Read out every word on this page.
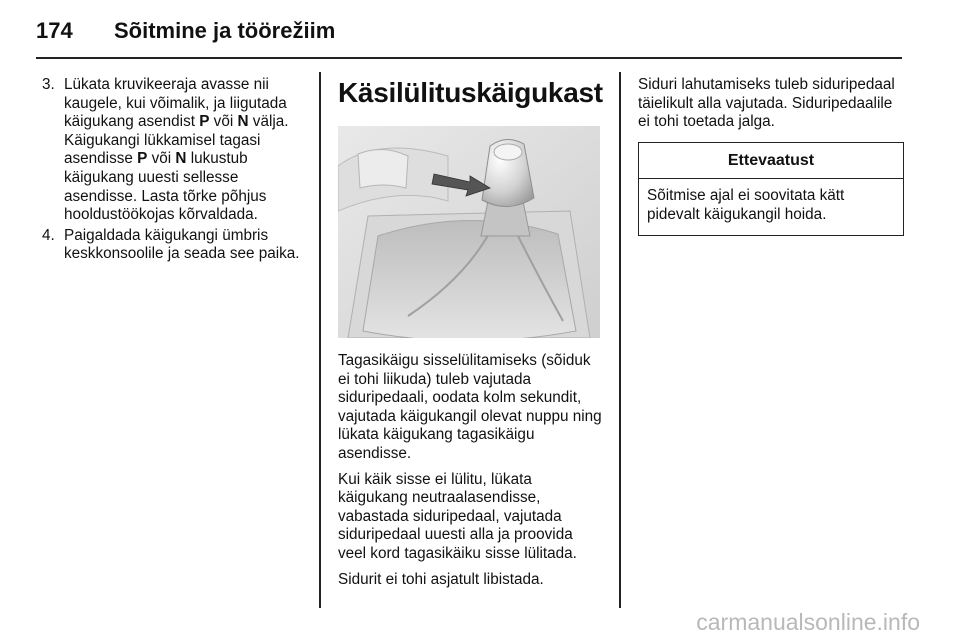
174 Sõitmine ja töörežiim
3. Lükata kruvikeeraja avasse nii kaugele, kui võimalik, ja liigutada käigukang asendist P või N välja. Käigukangi lükkamisel tagasi asendisse P või N lukustub käigukang uuesti sellesse asendisse. Lasta tõrke põhjus hooldustöökojas kõrvaldada.
4. Paigaldada käigukangi ümbris keskkonsoolile ja seada see paika.
Käsilülituskäigukast

Tagasikäigu sisselülitamiseks (sõiduk ei tohi liikuda) tuleb vajutada siduripedaali, oodata kolm sekundit, vajutada käigukangil olevat nuppu ning lükata käigukang tagasikäigu asendisse.

Kui käik sisse ei lülitu, lükata käigukang neutraalasendisse, vabastada siduripedaal, vajutada siduripedaal uuesti alla ja proovida veel kord tagasikäiku sisse lülitada.

Sidurit ei tohi asjatult libistada.

Siduri lahutamiseks tuleb siduripedaal täielikult alla vajutada. Siduripedaalile ei tohi toetada jalga.

Ettevaatust
Sõitmise ajal ei soovitata kätt pidevalt käigukangil hoida.
carmanualsonline.info
